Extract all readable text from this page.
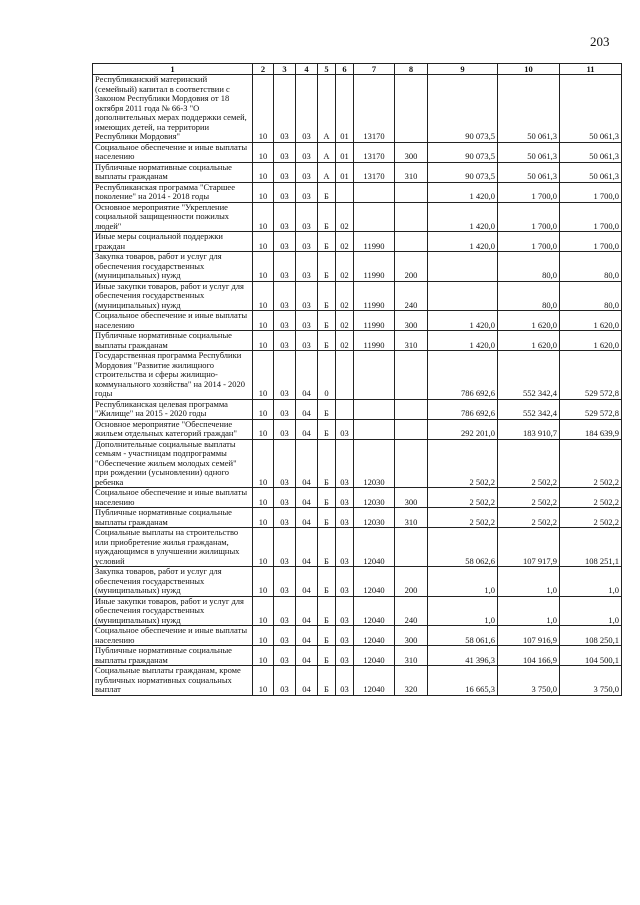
203
1	2	3	4	5	6	7	8	9	10	11
Республиканский материнский (семейный) капитал в соответствии с Законом Республики Мордовия от 18 октября 2011 года № 66-З "О дополнительных мерах поддержки семей, имеющих детей, на территории Республики Мордовия"	10	03	03	А	01	13170		90 073,5	50 061,3	50 061,3
Социальное обеспечение и иные выплаты населению	10	03	03	А	01	13170	300	90 073,5	50 061,3	50 061,3
Публичные нормативные социальные выплаты гражданам	10	03	03	А	01	13170	310	90 073,5	50 061,3	50 061,3
Республиканская программа "Старшее поколение" на 2014 - 2018 годы	10	03	03	Б				1 420,0	1 700,0	1 700,0
Основное мероприятие "Укрепление социальной защищенности пожилых людей"	10	03	03	Б	02			1 420,0	1 700,0	1 700,0
Иные меры социальной поддержки граждан	10	03	03	Б	02	11990		1 420,0	1 700,0	1 700,0
Закупка товаров, работ и услуг для обеспечения государственных (муниципальных) нужд	10	03	03	Б	02	11990	200		80,0	80,0
Иные закупки товаров, работ и услуг для обеспечения государственных (муниципальных) нужд	10	03	03	Б	02	11990	240		80,0	80,0
Социальное обеспечение и иные выплаты населению	10	03	03	Б	02	11990	300	1 420,0	1 620,0	1 620,0
Публичные нормативные социальные выплаты гражданам	10	03	03	Б	02	11990	310	1 420,0	1 620,0	1 620,0
Государственная программа Республики Мордовия "Развитие жилищного строительства и сферы жилищно-коммунального хозяйства" на 2014 - 2020 годы	10	03	04	0				786 692,6	552 342,4	529 572,8
Республиканская целевая программа "Жилище" на 2015 - 2020 годы	10	03	04	Б				786 692,6	552 342,4	529 572,8
Основное мероприятие "Обеспечение жильем отдельных категорий граждан"	10	03	04	Б	03			292 201,0	183 910,7	184 639,9
Дополнительные социальные выплаты семьям - участницам подпрограммы "Обеспечение жильем молодых семей" при рождении (усыновлении) одного ребенка	10	03	04	Б	03	12030		2 502,2	2 502,2	2 502,2
Социальное обеспечение и иные выплаты населению	10	03	04	Б	03	12030	300	2 502,2	2 502,2	2 502,2
Публичные нормативные социальные выплаты гражданам	10	03	04	Б	03	12030	310	2 502,2	2 502,2	2 502,2
Социальные выплаты на строительство или приобретение жилья гражданам, нуждающимся в улучшении жилищных условий	10	03	04	Б	03	12040		58 062,6	107 917,9	108 251,1
Закупка товаров, работ и услуг для обеспечения государственных (муниципальных) нужд	10	03	04	Б	03	12040	200	1,0	1,0	1,0
Иные закупки товаров, работ и услуг для обеспечения государственных (муниципальных) нужд	10	03	04	Б	03	12040	240	1,0	1,0	1,0
Социальное обеспечение и иные выплаты населению	10	03	04	Б	03	12040	300	58 061,6	107 916,9	108 250,1
Публичные нормативные социальные выплаты гражданам	10	03	04	Б	03	12040	310	41 396,3	104 166,9	104 500,1
Социальные выплаты гражданам, кроме публичных нормативных социальных выплат	10	03	04	Б	03	12040	320	16 665,3	3 750,0	3 750,0
